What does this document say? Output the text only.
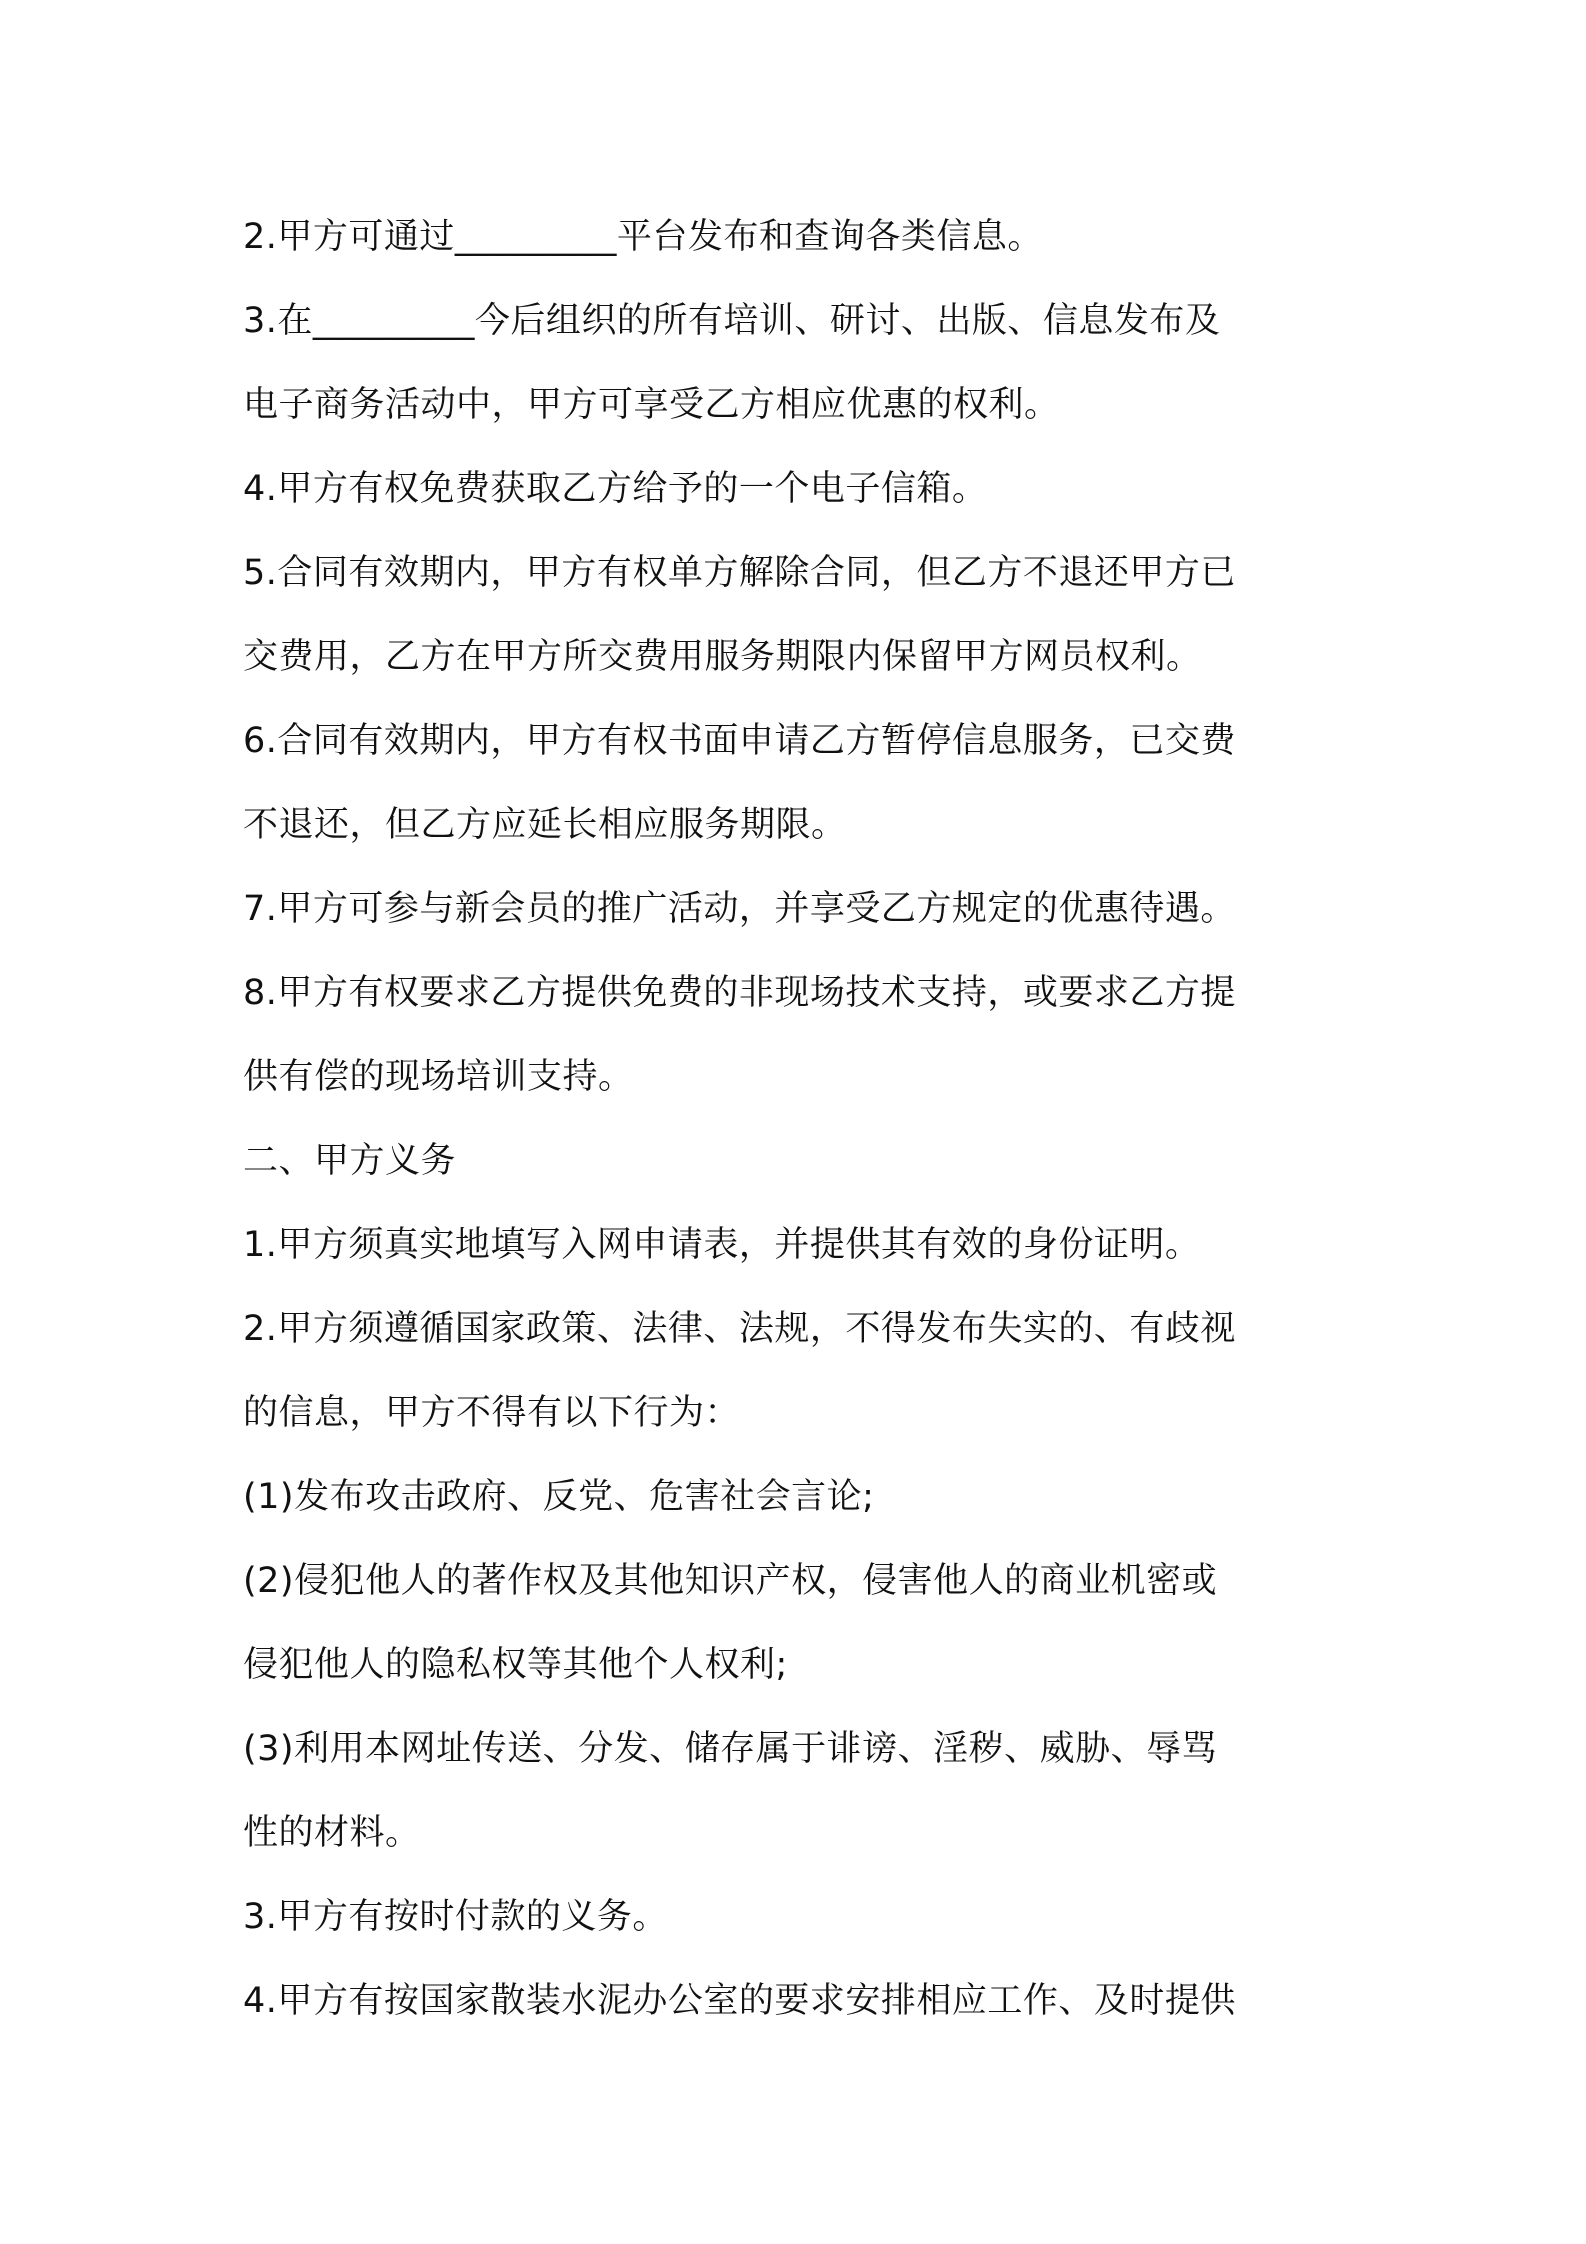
2.甲方可通过_________平台发布和查询各类信息。
3.在_________今后组织的所有培训、研讨、出版、信息发布及
电子商务活动中，甲方可享受乙方相应优惠的权利。
4.甲方有权免费获取乙方给予的一个电子信箱。
5.合同有效期内，甲方有权单方解除合同，但乙方不退还甲方已
交费用，乙方在甲方所交费用服务期限内保留甲方网员权利。
6.合同有效期内，甲方有权书面申请乙方暂停信息服务，已交费
不退还，但乙方应延长相应服务期限。
7.甲方可参与新会员的推广活动，并享受乙方规定的优惠待遇。
8.甲方有权要求乙方提供免费的非现场技术支持，或要求乙方提
供有偿的现场培训支持。
二、甲方义务
1.甲方须真实地填写入网申请表，并提供其有效的身份证明。
2.甲方须遵循国家政策、法律、法规，不得发布失实的、有歧视
的信息，甲方不得有以下行为：
(1)发布攻击政府、反党、危害社会言论;
(2)侵犯他人的著作权及其他知识产权，侵害他人的商业机密或
侵犯他人的隐私权等其他个人权利;
(3)利用本网址传送、分发、储存属于诽谤、淫秽、威胁、辱骂
性的材料。
3.甲方有按时付款的义务。
4.甲方有按国家散装水泥办公室的要求安排相应工作、及时提供
